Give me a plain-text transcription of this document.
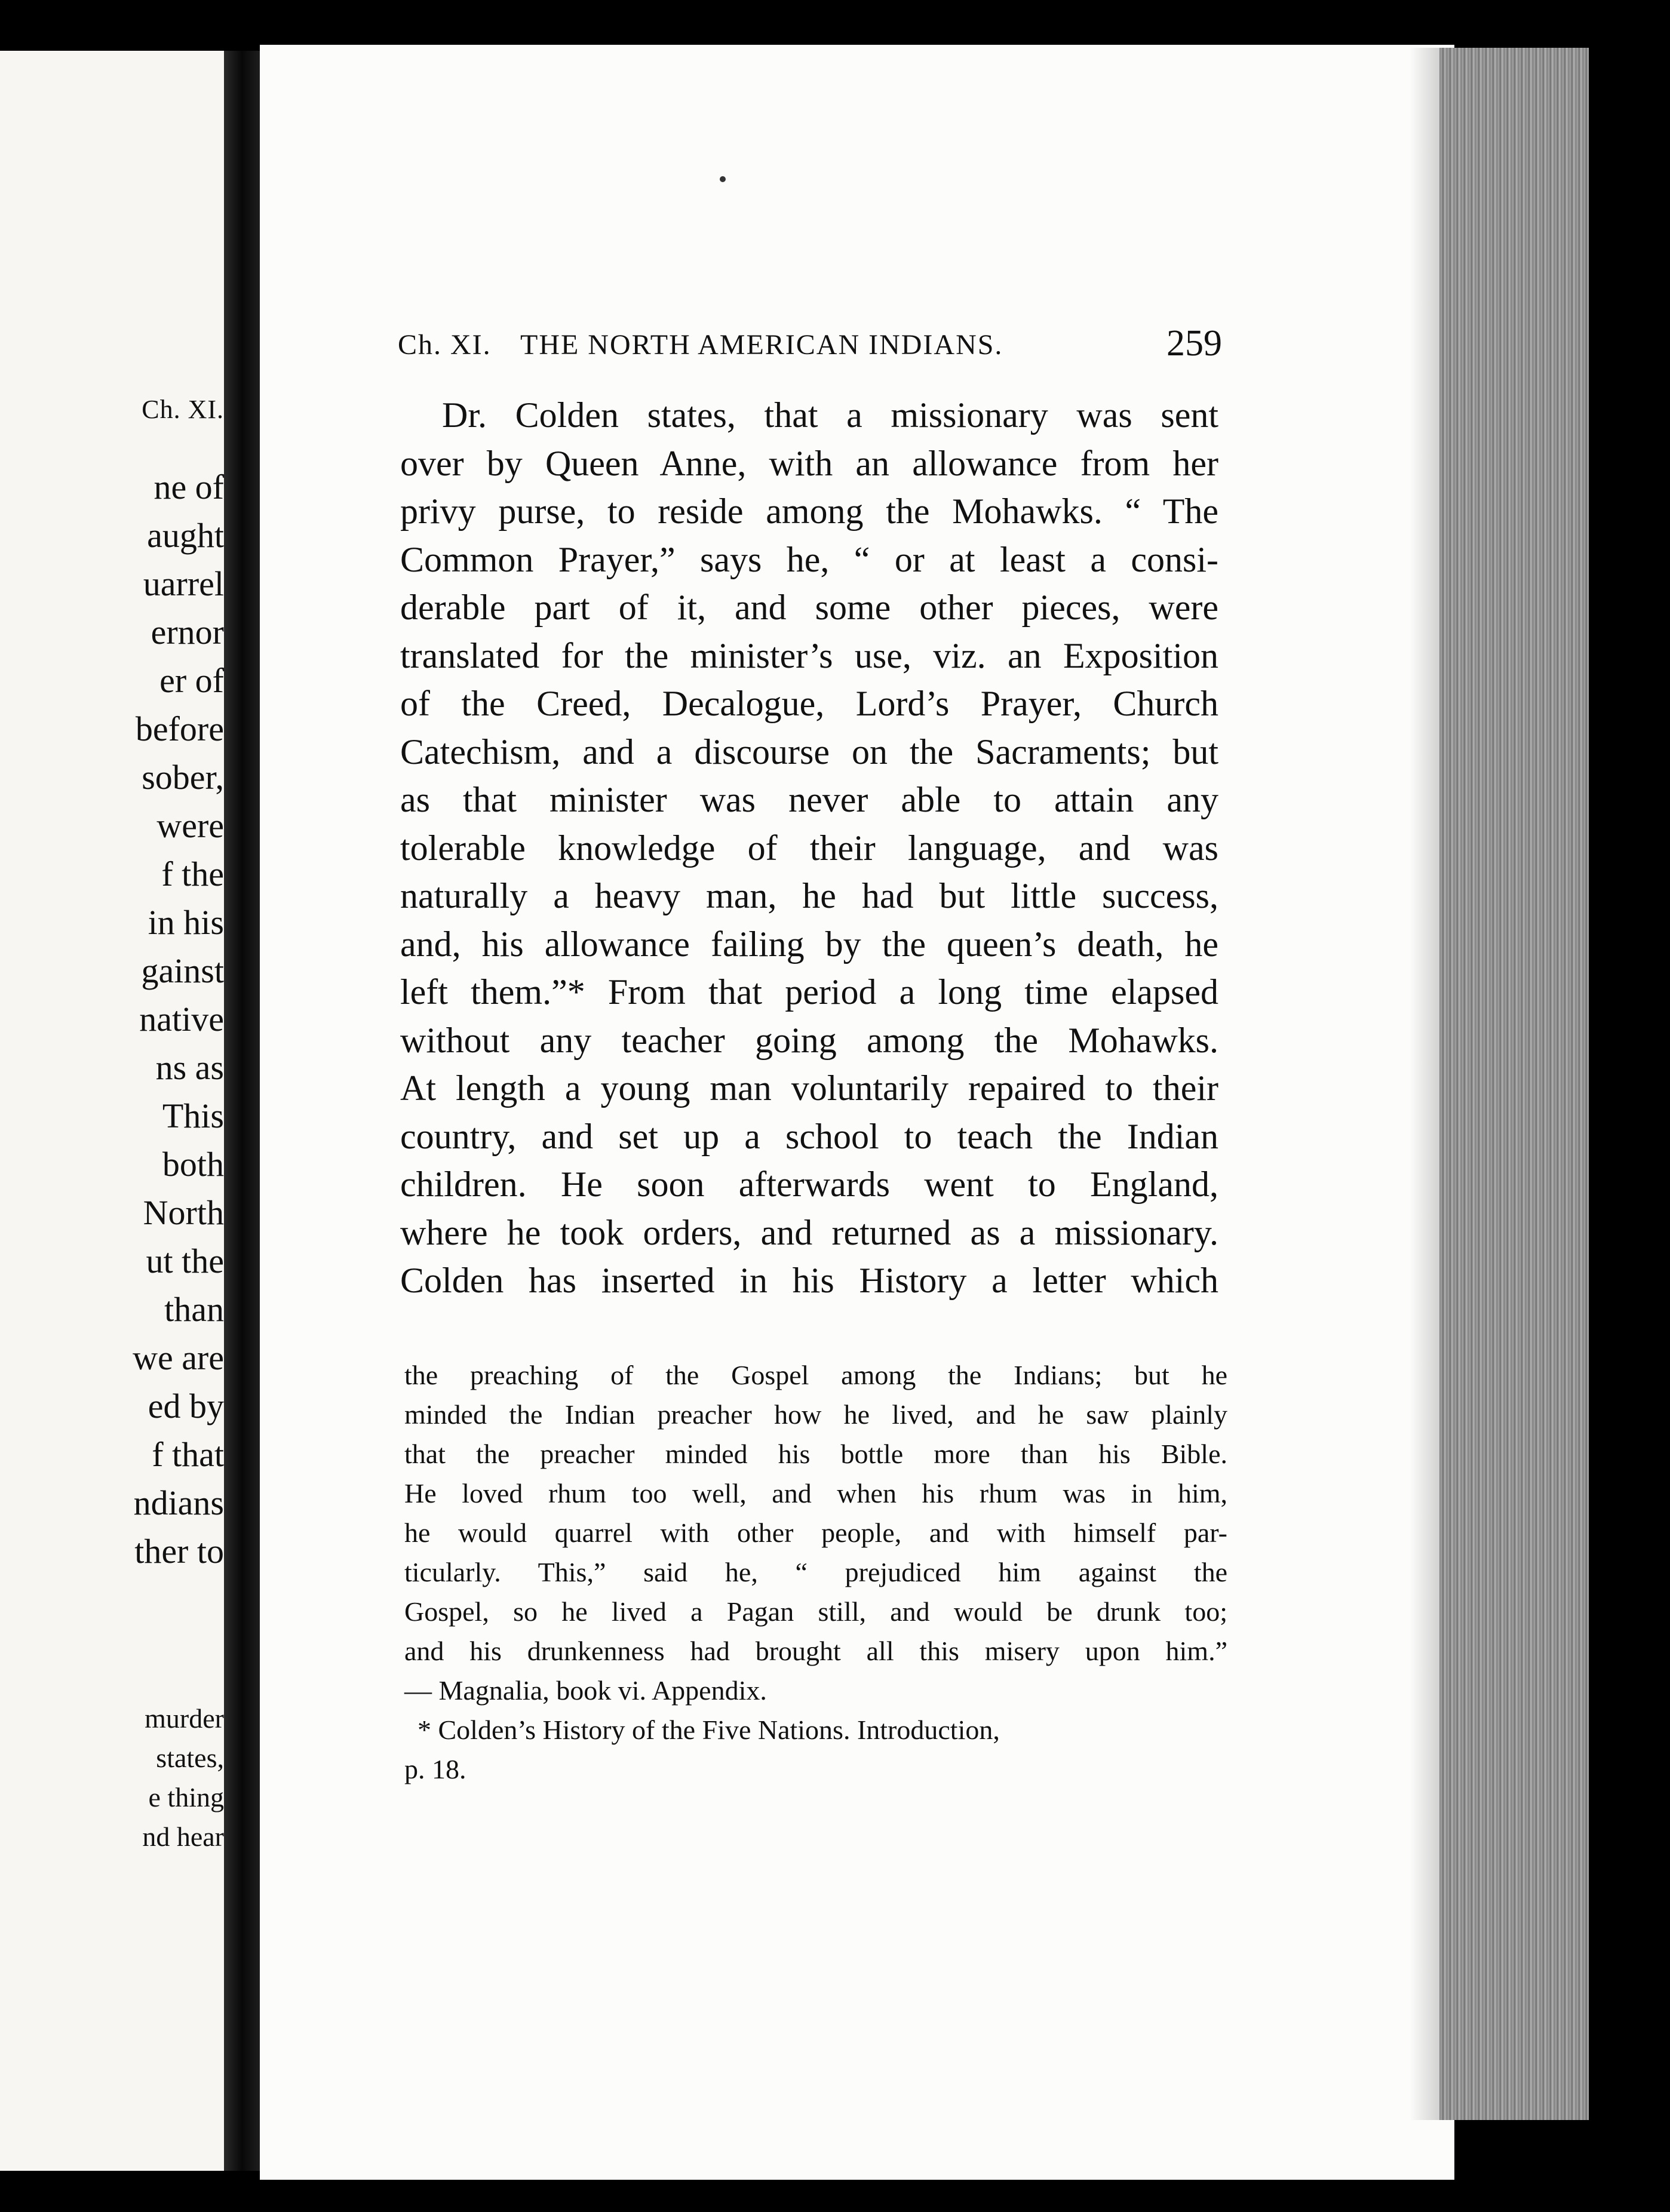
Ch. XI.
ne of
aught
uarrel
ernor
er of
before
sober,
were
f the
in his
gainst
native
ns as
This
both
North
ut the
than
we are
ed by
f that
ndians
ther to
murder
states,
e thing
nd hear
Ch. XI. THE NORTH AMERICAN INDIANS.	259
Dr. Colden states, that a missionary was sent
over by Queen Anne, with an allowance from her
privy purse, to reside among the Mohawks. “ The
Common Prayer,” says he, “ or at least a consi-
derable part of it, and some other pieces, were
translated for the minister’s use, viz. an Exposition
of the Creed, Decalogue, Lord’s Prayer, Church
Catechism, and a discourse on the Sacraments; but
as that minister was never able to attain any
tolerable knowledge of their language, and was
naturally a heavy man, he had but little success,
and, his allowance failing by the queen’s death, he
left them.”* From that period a long time elapsed
without any teacher going among the Mohawks.
At length a young man voluntarily repaired to their
country, and set up a school to teach the Indian
children. He soon afterwards went to England,
where he took orders, and returned as a missionary.
Colden has inserted in his History a letter which
the preaching of the Gospel among the Indians; but he
minded the Indian preacher how he lived, and he saw plainly
that the preacher minded his bottle more than his Bible.
He loved rhum too well, and when his rhum was in him,
he would quarrel with other people, and with himself par-
ticularly. This,” said he, “ prejudiced him against the
Gospel, so he lived a Pagan still, and would be drunk too;
and his drunkenness had brought all this misery upon him.”
— Magnalia, book vi. Appendix.
* Colden’s History of the Five Nations. Introduction,
p. 18.
